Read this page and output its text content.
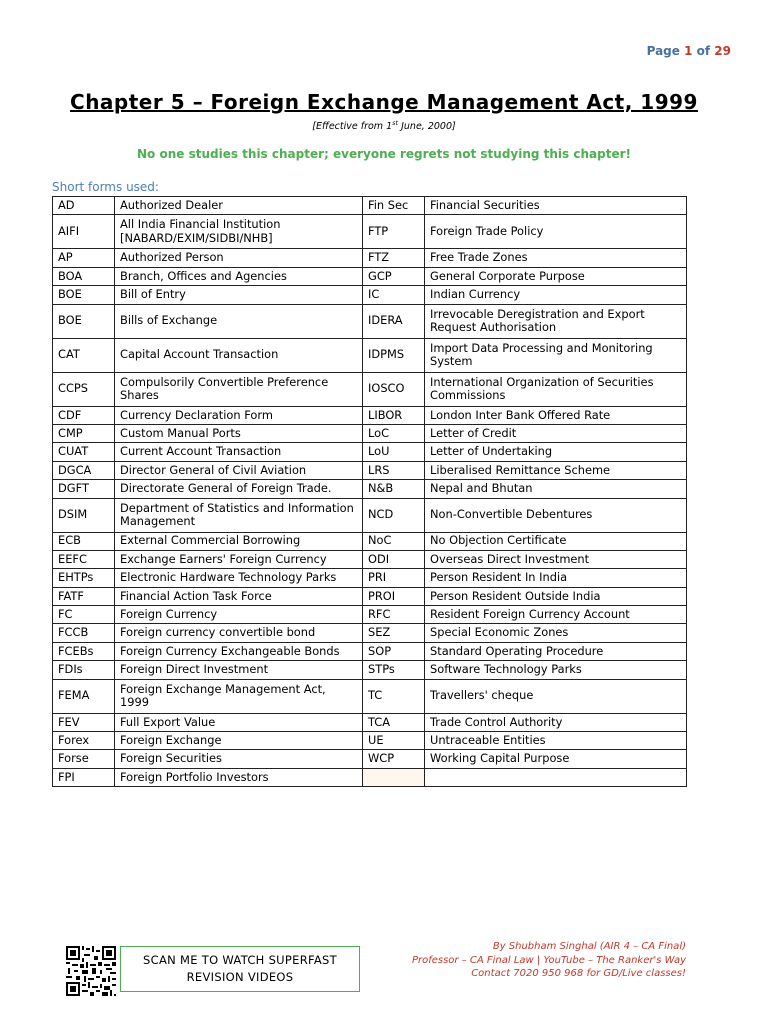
Page 1 of 29
Chapter 5 – Foreign Exchange Management Act, 1999
[Effective from 1st June, 2000]
No one studies this chapter; everyone regrets not studying this chapter!
Short forms used:
AD	Authorized Dealer	Fin Sec	Financial Securities
AIFI	All India Financial Institution [NABARD/EXIM/SIDBI/NHB]	FTP	Foreign Trade Policy
AP	Authorized Person	FTZ	Free Trade Zones
BOA	Branch, Offices and Agencies	GCP	General Corporate Purpose
BOE	Bill of Entry	IC	Indian Currency
BOE	Bills of Exchange	IDERA	Irrevocable Deregistration and Export Request Authorisation
CAT	Capital Account Transaction	IDPMS	Import Data Processing and Monitoring System
CCPS	Compulsorily Convertible Preference Shares	IOSCO	International Organization of Securities Commissions
CDF	Currency Declaration Form	LIBOR	London Inter Bank Offered Rate
CMP	Custom Manual Ports	LoC	Letter of Credit
CUAT	Current Account Transaction	LoU	Letter of Undertaking
DGCA	Director General of Civil Aviation	LRS	Liberalised Remittance Scheme
DGFT	Directorate General of Foreign Trade.	N&B	Nepal and Bhutan
DSIM	Department of Statistics and Information Management	NCD	Non-Convertible Debentures
ECB	External Commercial Borrowing	NoC	No Objection Certificate
EEFC	Exchange Earners' Foreign Currency	ODI	Overseas Direct Investment
EHTPs	Electronic Hardware Technology Parks	PRI	Person Resident In India
FATF	Financial Action Task Force	PROI	Person Resident Outside India
FC	Foreign Currency	RFC	Resident Foreign Currency Account
FCCB	Foreign currency convertible bond	SEZ	Special Economic Zones
FCEBs	Foreign Currency Exchangeable Bonds	SOP	Standard Operating Procedure
FDIs	Foreign Direct Investment	STPs	Software Technology Parks
FEMA	Foreign Exchange Management Act, 1999	TC	Travellers' cheque
FEV	Full Export Value	TCA	Trade Control Authority
Forex	Foreign Exchange	UE	Untraceable Entities
Forse	Foreign Securities	WCP	Working Capital Purpose
FPI	Foreign Portfolio Investors		
SCAN ME TO WATCH SUPERFAST
REVISION VIDEOS
By Shubham Singhal (AIR 4 – CA Final)
Professor – CA Final Law | YouTube – The Ranker's Way
Contact 7020 950 968 for GD/Live classes!
